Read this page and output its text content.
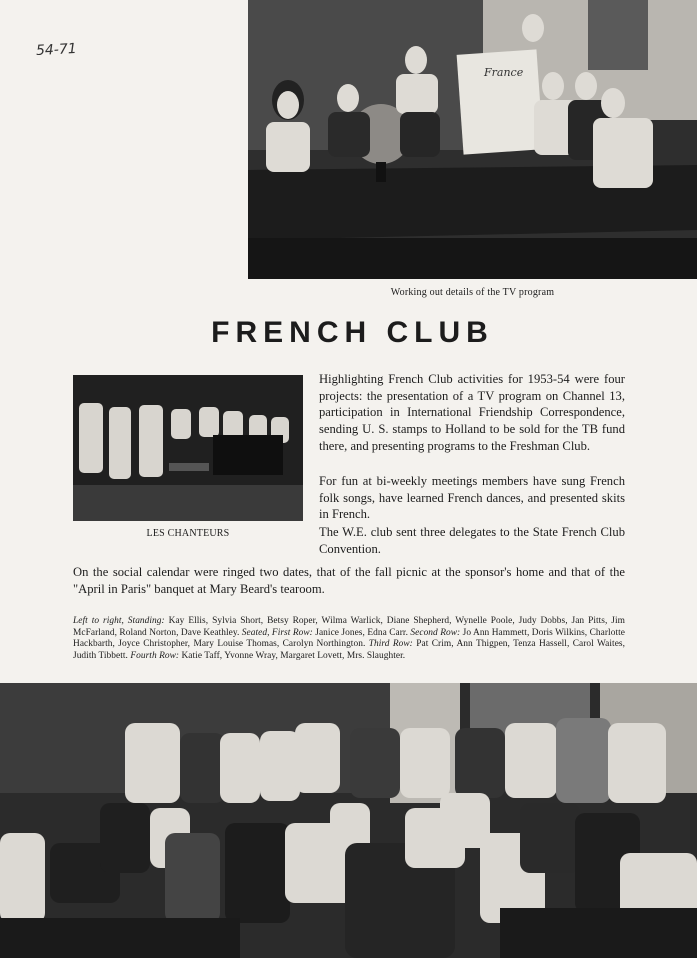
54-71
France
Working out details of the TV program
FRENCH CLUB
LES CHANTEURS

Highlighting French Club activities for 1953-54 were four projects: the presentation of a TV program on Channel 13, participation in International Friendship Correspondence, sending U. S. stamps to Holland to be sold for the TB fund there, and presenting programs to the Freshman Club.

For fun at bi-weekly meetings members have sung French folk songs, have learned French dances, and presented skits in French.

The W.E. club sent three delegates to the State French Club Convention.

On the social calendar were ringed two dates, that of the fall picnic at the sponsor's home and that of the "April in Paris" banquet at Mary Beard's tearoom.

Left to right, Standing: Kay Ellis, Sylvia Short, Betsy Roper, Wilma Warlick, Diane Shepherd, Wynelle Poole, Judy Dobbs, Jan Pitts, Jim McFarland, Roland Norton, Dave Keathley. Seated, First Row: Janice Jones, Edna Carr. Second Row: Jo Ann Hammett, Doris Wilkins, Charlotte Hackbarth, Joyce Christopher, Mary Louise Thomas, Carolyn Northington. Third Row: Pat Crim, Ann Thigpen, Tenza Hassell, Carol Waites, Judith Tibbett. Fourth Row: Katie Taff, Yvonne Wray, Margaret Lovett, Mrs. Slaughter.
